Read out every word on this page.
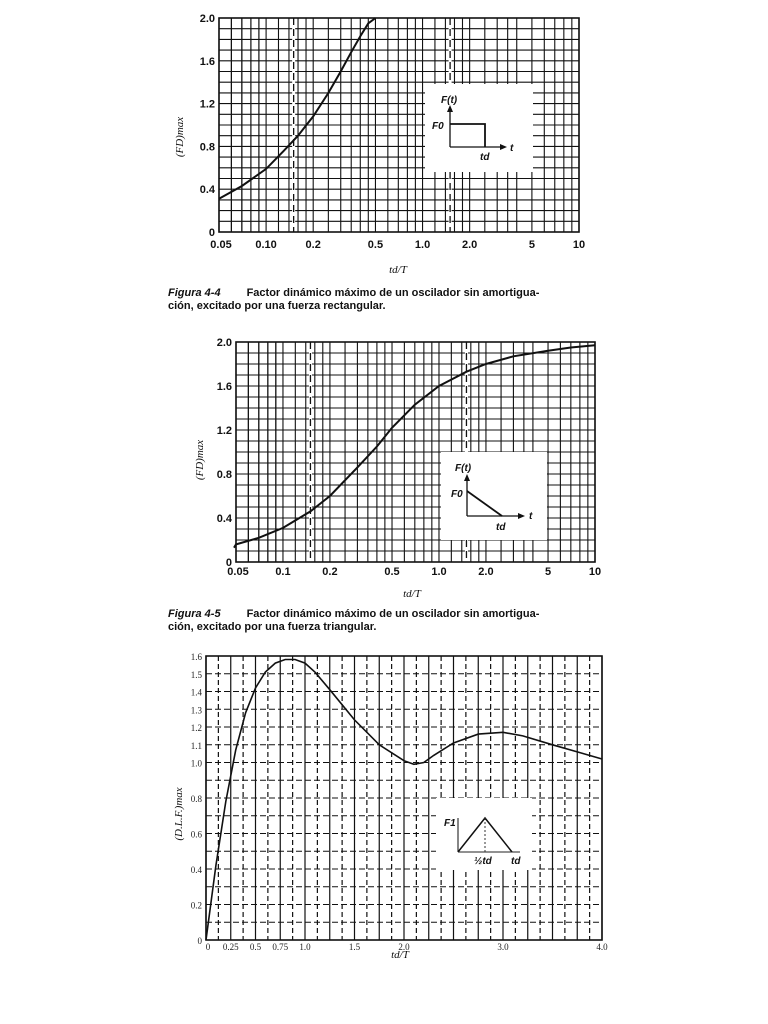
F(t)
F0
td
t
0.05 0.10	0.2	0.5	1.0	2.0	5	10
0
0.4
0.8
1.2
1.6
2.0
(FD)max
td/T
F(t)
F0
td
t
0.05 0.1	0.2	0.5	1.0	2.0	5	10
0
0.4
0.8
1.2
1.6
2.0
(FD)max
td/T
F1
½td td
0 0.25 0.5 0.75 1.0	1.5	2.0	3.0	4.0
0
0.2
0.4
0.6
0.8
1.0
1.1
1.2
1.3
1.4
1.5
1.6
(D.L.F.)max
td/T
Figura 4-4 Factor dinámico máximo de un oscilador sin amortigua-
ción, excitado por una fuerza rectangular.
Figura 4-5 Factor dinámico máximo de un oscilador sin amortigua-
ción, excitado por una fuerza triangular.
